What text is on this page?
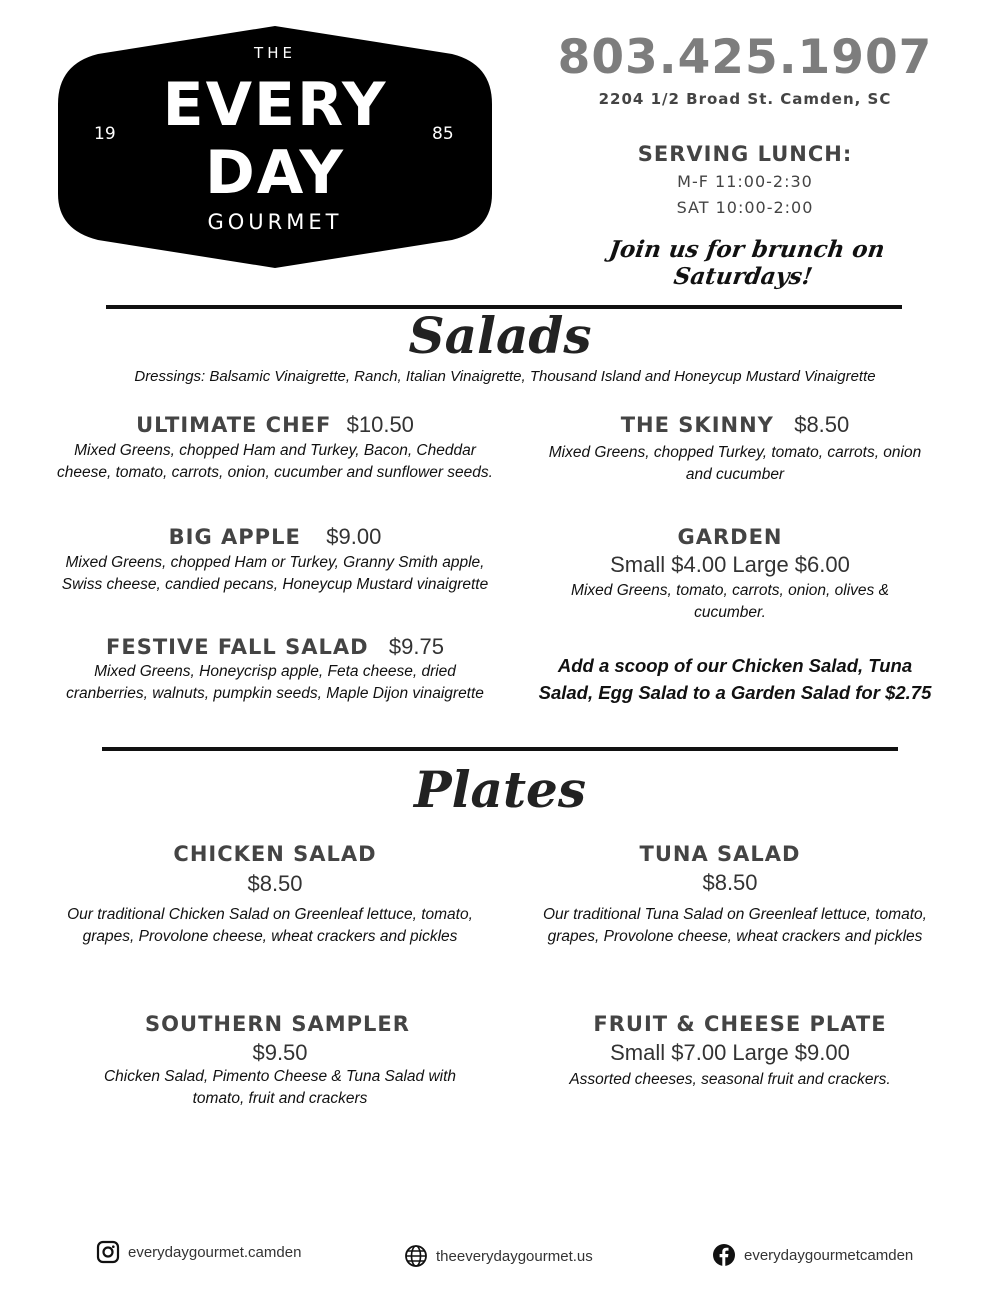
THE
EVERY
DAY
GOURMET
19	85
803.425.1907
2204 1/2 Broad St. Camden, SC
SERVING LUNCH:
M-F 11:00-2:30
SAT 10:00-2:00
Join us for brunch on Saturdays!
Salads
Dressings: Balsamic Vinaigrette, Ranch, Italian Vinaigrette, Thousand Island and Honeycup Mustard Vinaigrette
ULTIMATE CHEF $10.50
Mixed Greens, chopped Ham and Turkey, Bacon, Cheddar
cheese, tomato, carrots, onion, cucumber and sunflower seeds.
THE SKINNY $8.50
Mixed Greens, chopped Turkey, tomato, carrots, onion
and cucumber
BIG APPLE $9.00
Mixed Greens, chopped Ham or Turkey, Granny Smith apple,
Swiss cheese, candied pecans, Honeycup Mustard vinaigrette
GARDEN
Small $4.00 Large $6.00
Mixed Greens, tomato, carrots, onion, olives &
cucumber.
FESTIVE FALL SALAD $9.75
Mixed Greens, Honeycrisp apple, Feta cheese, dried
cranberries, walnuts, pumpkin seeds, Maple Dijon vinaigrette
Add a scoop of our Chicken Salad, Tuna
Salad, Egg Salad to a Garden Salad for $2.75
Plates
CHICKEN SALAD
$8.50
Our traditional Chicken Salad on Greenleaf lettuce, tomato,
grapes, Provolone cheese, wheat crackers and pickles
TUNA SALAD
$8.50
Our traditional Tuna Salad on Greenleaf lettuce, tomato,
grapes, Provolone cheese, wheat crackers and pickles
SOUTHERN SAMPLER
$9.50
Chicken Salad, Pimento Cheese & Tuna Salad with
tomato, fruit and crackers
FRUIT & CHEESE PLATE
Small $7.00 Large $9.00
Assorted cheeses, seasonal fruit and crackers.
everydaygourmet.camden	theeverydaygourmet.us	everydaygourmetcamden
